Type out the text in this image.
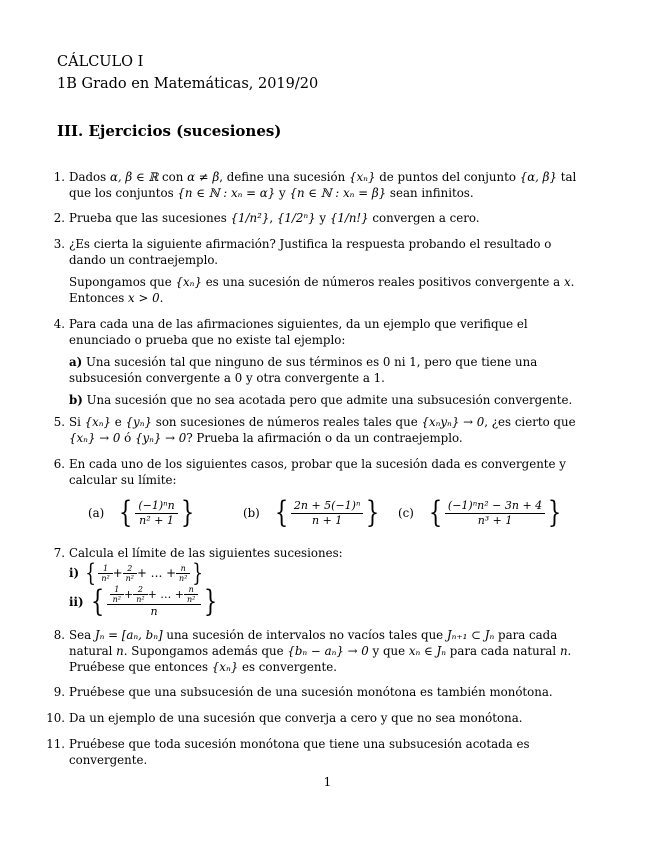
CÁLCULO I
1B Grado en Matemáticas, 2019/20
III. Ejercicios (sucesiones)
1. Dados α, β ∈ ℝ con α ≠ β, define una sucesión {xₙ} de puntos del conjunto {α, β} tal que los conjuntos {n ∈ ℕ : xₙ = α} y {n ∈ ℕ : xₙ = β} sean infinitos.
2. Prueba que las sucesiones {1/n²}, {1/2ⁿ} y {1/n!} convergen a cero.
3. ¿Es cierta la siguiente afirmación? Justifica la respuesta probando el resultado o dando un contraejemplo.
Supongamos que {xₙ} es una sucesión de números reales positivos convergente a x. Entonces x > 0.
4. Para cada una de las afirmaciones siguientes, da un ejemplo que verifique el enunciado o prueba que no existe tal ejemplo:
a) Una sucesión tal que ninguno de sus términos es 0 ni 1, pero que tiene una subsucesión convergente a 0 y otra convergente a 1.
b) Una sucesión que no sea acotada pero que admite una subsucesión convergente.
5. Si {xₙ} e {yₙ} son sucesiones de números reales tales que {xₙyₙ} → 0, ¿es cierto que {xₙ} → 0 ó {yₙ} → 0? Prueba la afirmación o da un contraejemplo.
6. En cada uno de los siguientes casos, probar que la sucesión dada es convergente y calcular su límite:
(a) { $\frac{\text{(−1)ⁿn}}{\text{n² + 1}}$ }	(b) { $\frac{\text{2n + 5(−1)ⁿ}}{n + 1}$ } (c) { $\frac{\text{(−1)ⁿn² − 3n + 4}}{\text{n³ + 1}}$ }
7. Calcula el límite de las siguientes sucesiones:
i) { $\frac{1}{\text{n²}} + \frac{2}{\text{n²}}$ + … + $\frac{n}{\text{n²}}$ }
ii) { $\frac{1}{\text{n²}} + \frac{2}{\text{n²}}$ + … + $\frac{n}{\text{n²}}$
n	}
8. Sea Jₙ = [aₙ, bₙ] una sucesión de intervalos no vacíos tales que Jₙ₊₁ ⊂ Jₙ para cada natural n. Supongamos además que {bₙ − aₙ} → 0 y que xₙ ∈ Jₙ para cada natural n. Pruébese que entonces {xₙ} es convergente.
9. Pruébese que una subsucesión de una sucesión monótona es también monótona.
10. Da un ejemplo de una sucesión que converja a cero y que no sea monótona.
11. Pruébese que toda sucesión monótona que tiene una subsucesión acotada es convergente.
1
